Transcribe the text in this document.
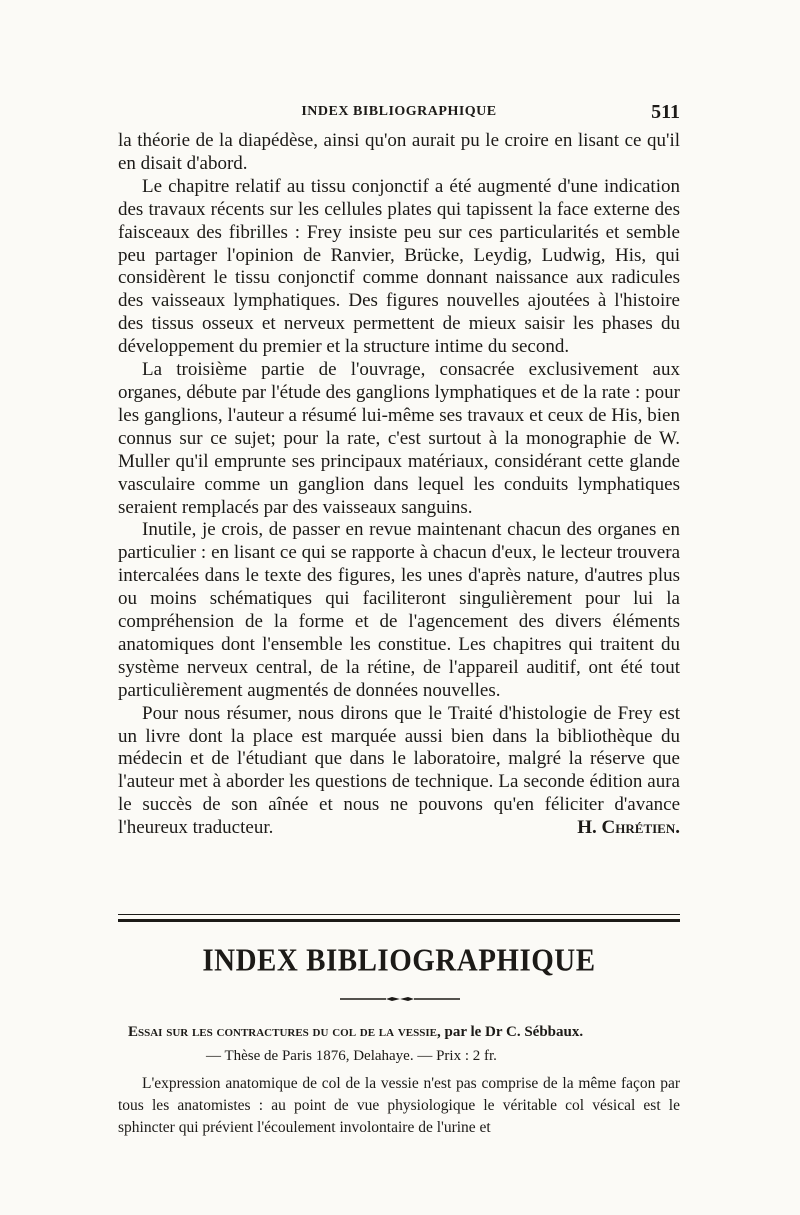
INDEX BIBLIOGRAPHIQUE	511

la théorie de la diapédèse, ainsi qu'on aurait pu le croire en lisant ce qu'il en disait d'abord.

Le chapitre relatif au tissu conjonctif a été augmenté d'une indication des travaux récents sur les cellules plates qui tapissent la face externe des faisceaux des fibrilles : Frey insiste peu sur ces particularités et semble peu partager l'opinion de Ranvier, Brücke, Leydig, Ludwig, His, qui considèrent le tissu conjonctif comme donnant naissance aux radicules des vaisseaux lymphatiques. Des figures nouvelles ajoutées à l'histoire des tissus osseux et nerveux permettent de mieux saisir les phases du développement du premier et la structure intime du second.

La troisième partie de l'ouvrage, consacrée exclusivement aux organes, débute par l'étude des ganglions lymphatiques et de la rate : pour les ganglions, l'auteur a résumé lui-même ses travaux et ceux de His, bien connus sur ce sujet; pour la rate, c'est surtout à la monographie de W. Muller qu'il emprunte ses principaux matériaux, considérant cette glande vasculaire comme un ganglion dans lequel les conduits lymphatiques seraient remplacés par des vaisseaux sanguins.

Inutile, je crois, de passer en revue maintenant chacun des organes en particulier : en lisant ce qui se rapporte à chacun d'eux, le lecteur trouvera intercalées dans le texte des figures, les unes d'après nature, d'autres plus ou moins schématiques qui faciliteront singulièrement pour lui la compréhension de la forme et de l'agencement des divers éléments anatomiques dont l'ensemble les constitue. Les chapitres qui traitent du système nerveux central, de la rétine, de l'appareil auditif, ont été tout particulièrement augmentés de données nouvelles.

Pour nous résumer, nous dirons que le Traité d'histologie de Frey est un livre dont la place est marquée aussi bien dans la bibliothèque du médecin et de l'étudiant que dans le laboratoire, malgré la réserve que l'auteur met à aborder les questions de technique. La seconde édition aura le succès de son aînée et nous ne pouvons qu'en féliciter d'avance l'heureux traducteur.	H. Chrétien.

INDEX BIBLIOGRAPHIQUE

Essai sur les contractures du col de la vessie, par le Dr C. Sébbaux.

— Thèse de Paris 1876, Delahaye. — Prix : 2 fr.

L'expression anatomique de col de la vessie n'est pas comprise de la même façon par tous les anatomistes : au point de vue physiologique le véritable col vésical est le sphincter qui prévient l'écoulement involontaire de l'urine et
